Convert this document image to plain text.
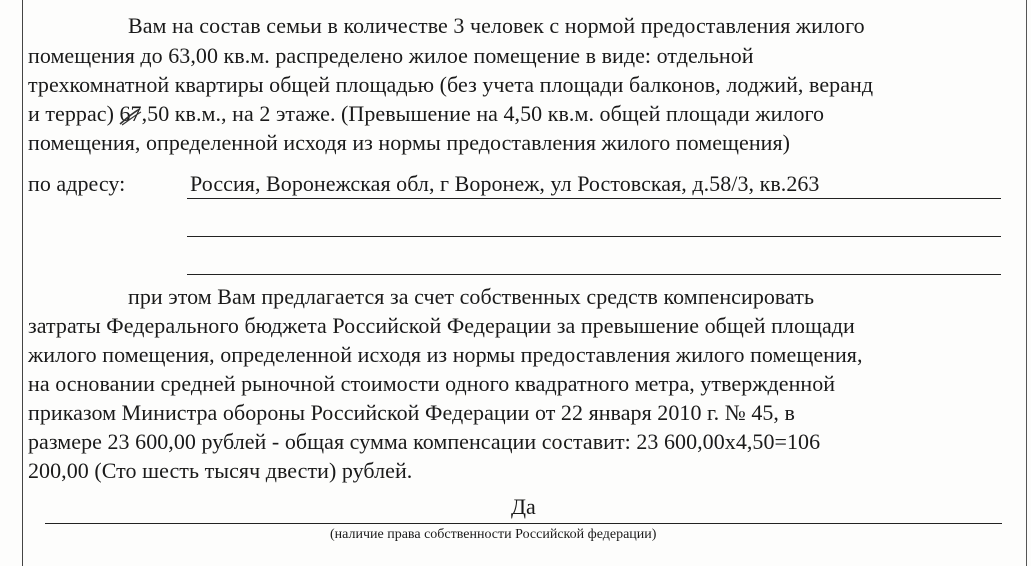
Вам на состав семьи в количестве 3 человек с нормой предоставления жилого
помещения до 63,00 кв.м. распределено жилое помещение в виде: отдельной
трехкомнатной квартиры общей площадью (без учета площади балконов, лоджий, веранд
и террас) 67,50 кв.м., на 2 этаже. (Превышение на 4,50 кв.м. общей площади жилого
помещения, определенной исходя из нормы предоставления жилого помещения)
по адресу:	Россия, Воронежская обл, г Воронеж, ул Ростовская, д.58/3, кв.263
при этом Вам предлагается за счет собственных средств компенсировать
затраты Федерального бюджета Российской Федерации за превышение общей площади
жилого помещения, определенной исходя из нормы предоставления жилого помещения,
на основании средней рыночной стоимости одного квадратного метра, утвержденной
приказом Министра обороны Российской Федерации от 22 января 2010 г. № 45, в
размере 23 600,00 рублей - общая сумма компенсации составит: 23 600,00x4,50=106
200,00 (Сто шесть тысяч двести) рублей.
Да
(наличие права собственности Российской федерации)
